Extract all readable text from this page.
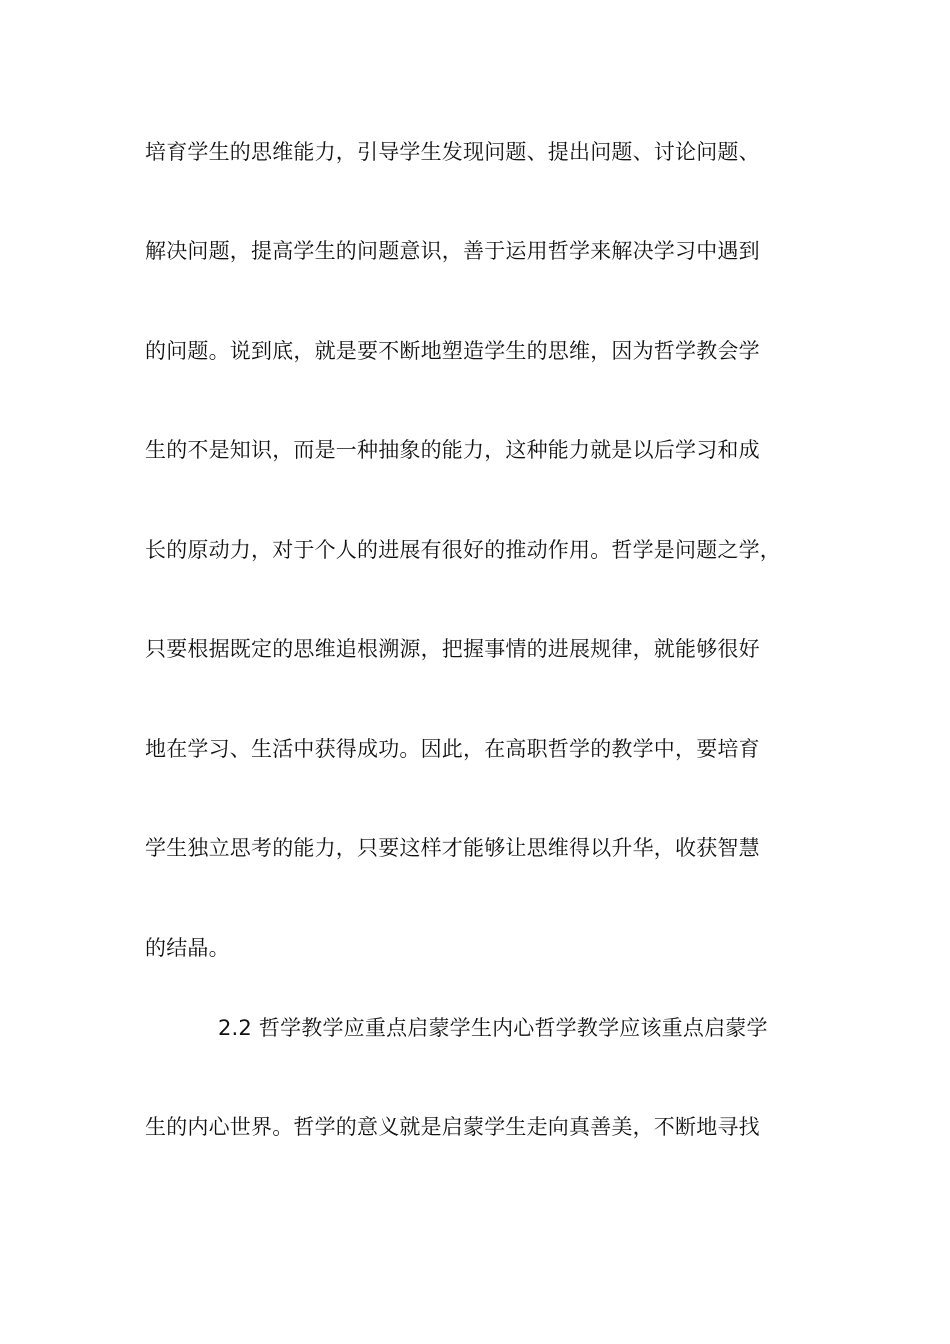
培育学生的思维能力，引导学生发现问题、提出问题、讨论问题、
解决问题，提高学生的问题意识，善于运用哲学来解决学习中遇到
的问题。说到底，就是要不断地塑造学生的思维，因为哲学教会学
生的不是知识，而是一种抽象的能力，这种能力就是以后学习和成
长的原动力，对于个人的进展有很好的推动作用。哲学是问题之学，
只要根据既定的思维追根溯源，把握事情的进展规律，就能够很好
地在学习、生活中获得成功。因此，在高职哲学的教学中，要培育
学生独立思考的能力，只要这样才能够让思维得以升华，收获智慧
的结晶。
2.2 哲学教学应重点启蒙学生内心哲学教学应该重点启蒙学
生的内心世界。哲学的意义就是启蒙学生走向真善美，不断地寻找
